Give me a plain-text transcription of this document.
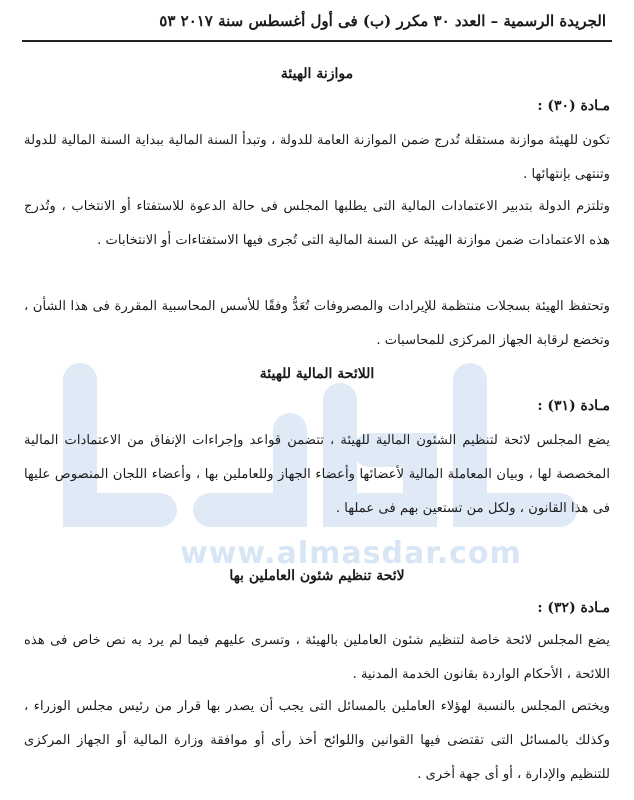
الجريدة الرسمية – العدد ٣٠ مكرر (ب) فى أول أغسطس سنة ٢٠١٧ ٥٣
www.almasdar.com
موازنة الهيئة
مـادة (٣٠) :
تكون للهيئة موازنة مستقلة تُدرج ضمن الموازنة العامة للدولة ، وتبدأ السنة المالية ببداية السنة المالية للدولة وتنتهى بإنتهائها .
وتلتزم الدولة بتدبير الاعتمادات المالية التى يطلبها المجلس فى حالة الدعوة للاستفتاء أو الانتخاب ، وتُدرج هذه الاعتمادات ضمن موازنة الهيئة عن السنة المالية التى تُجرى فيها الاستفتاءات أو الانتخابات .
وتحتفظ الهيئة بسجلات منتظمة للإيرادات والمصروفات تُعَدُّ وفقًا للأسس المحاسبية المقررة فى هذا الشأن ، وتخضع لرقابة الجهاز المركزى للمحاسبات .
اللائحة المالية للهيئة
مـادة (٣١) :
يضع المجلس لائحة لتنظيم الشئون المالية للهيئة ، تتضمن قواعد وإجراءات الإنفاق من الاعتمادات المالية المخصصة لها ، وبيان المعاملة المالية لأعضائها وأعضاء الجهاز وللعاملين بها ، وأعضاء اللجان المنصوص عليها فى هذا القانون ، ولكل من تستعين بهم فى عملها .
لائحة تنظيم شئون العاملين بها
مـادة (٣٢) :
يضع المجلس لائحة خاصة لتنظيم شئون العاملين بالهيئة ، وتسرى عليهم فيما لم يرد به نص خاص فى هذه اللائحة ، الأحكام الواردة بقانون الخدمة المدنية .
ويختص المجلس بالنسبة لهؤلاء العاملين بالمسائل التى يجب أن يصدر بها قرار من رئيس مجلس الوزراء ، وكذلك بالمسائل التى تقتضى فيها القوانين واللوائح أخذ رأى أو موافقة وزارة المالية أو الجهاز المركزى للتنظيم والإدارة ، أو أى جهة أخرى .
